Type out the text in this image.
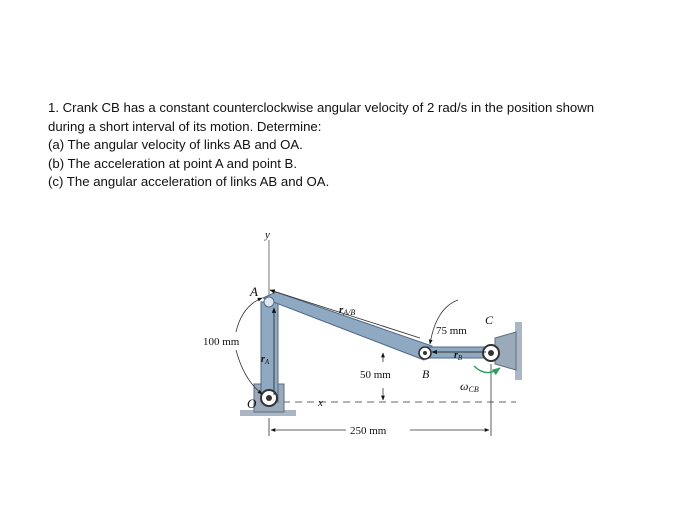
1. Crank CB has a constant counterclockwise angular velocity of 2 rad/s in the position shown

during a short interval of its motion. Determine:

(a) The angular velocity of links AB and OA.

(b) The acceleration at point A and point B.

(c) The angular acceleration of links AB and OA.

y
x
A
O
B
C
100 mm
75 mm
50 mm
250 mm
rA/B
$r_A$
$r_B$
ωCB
